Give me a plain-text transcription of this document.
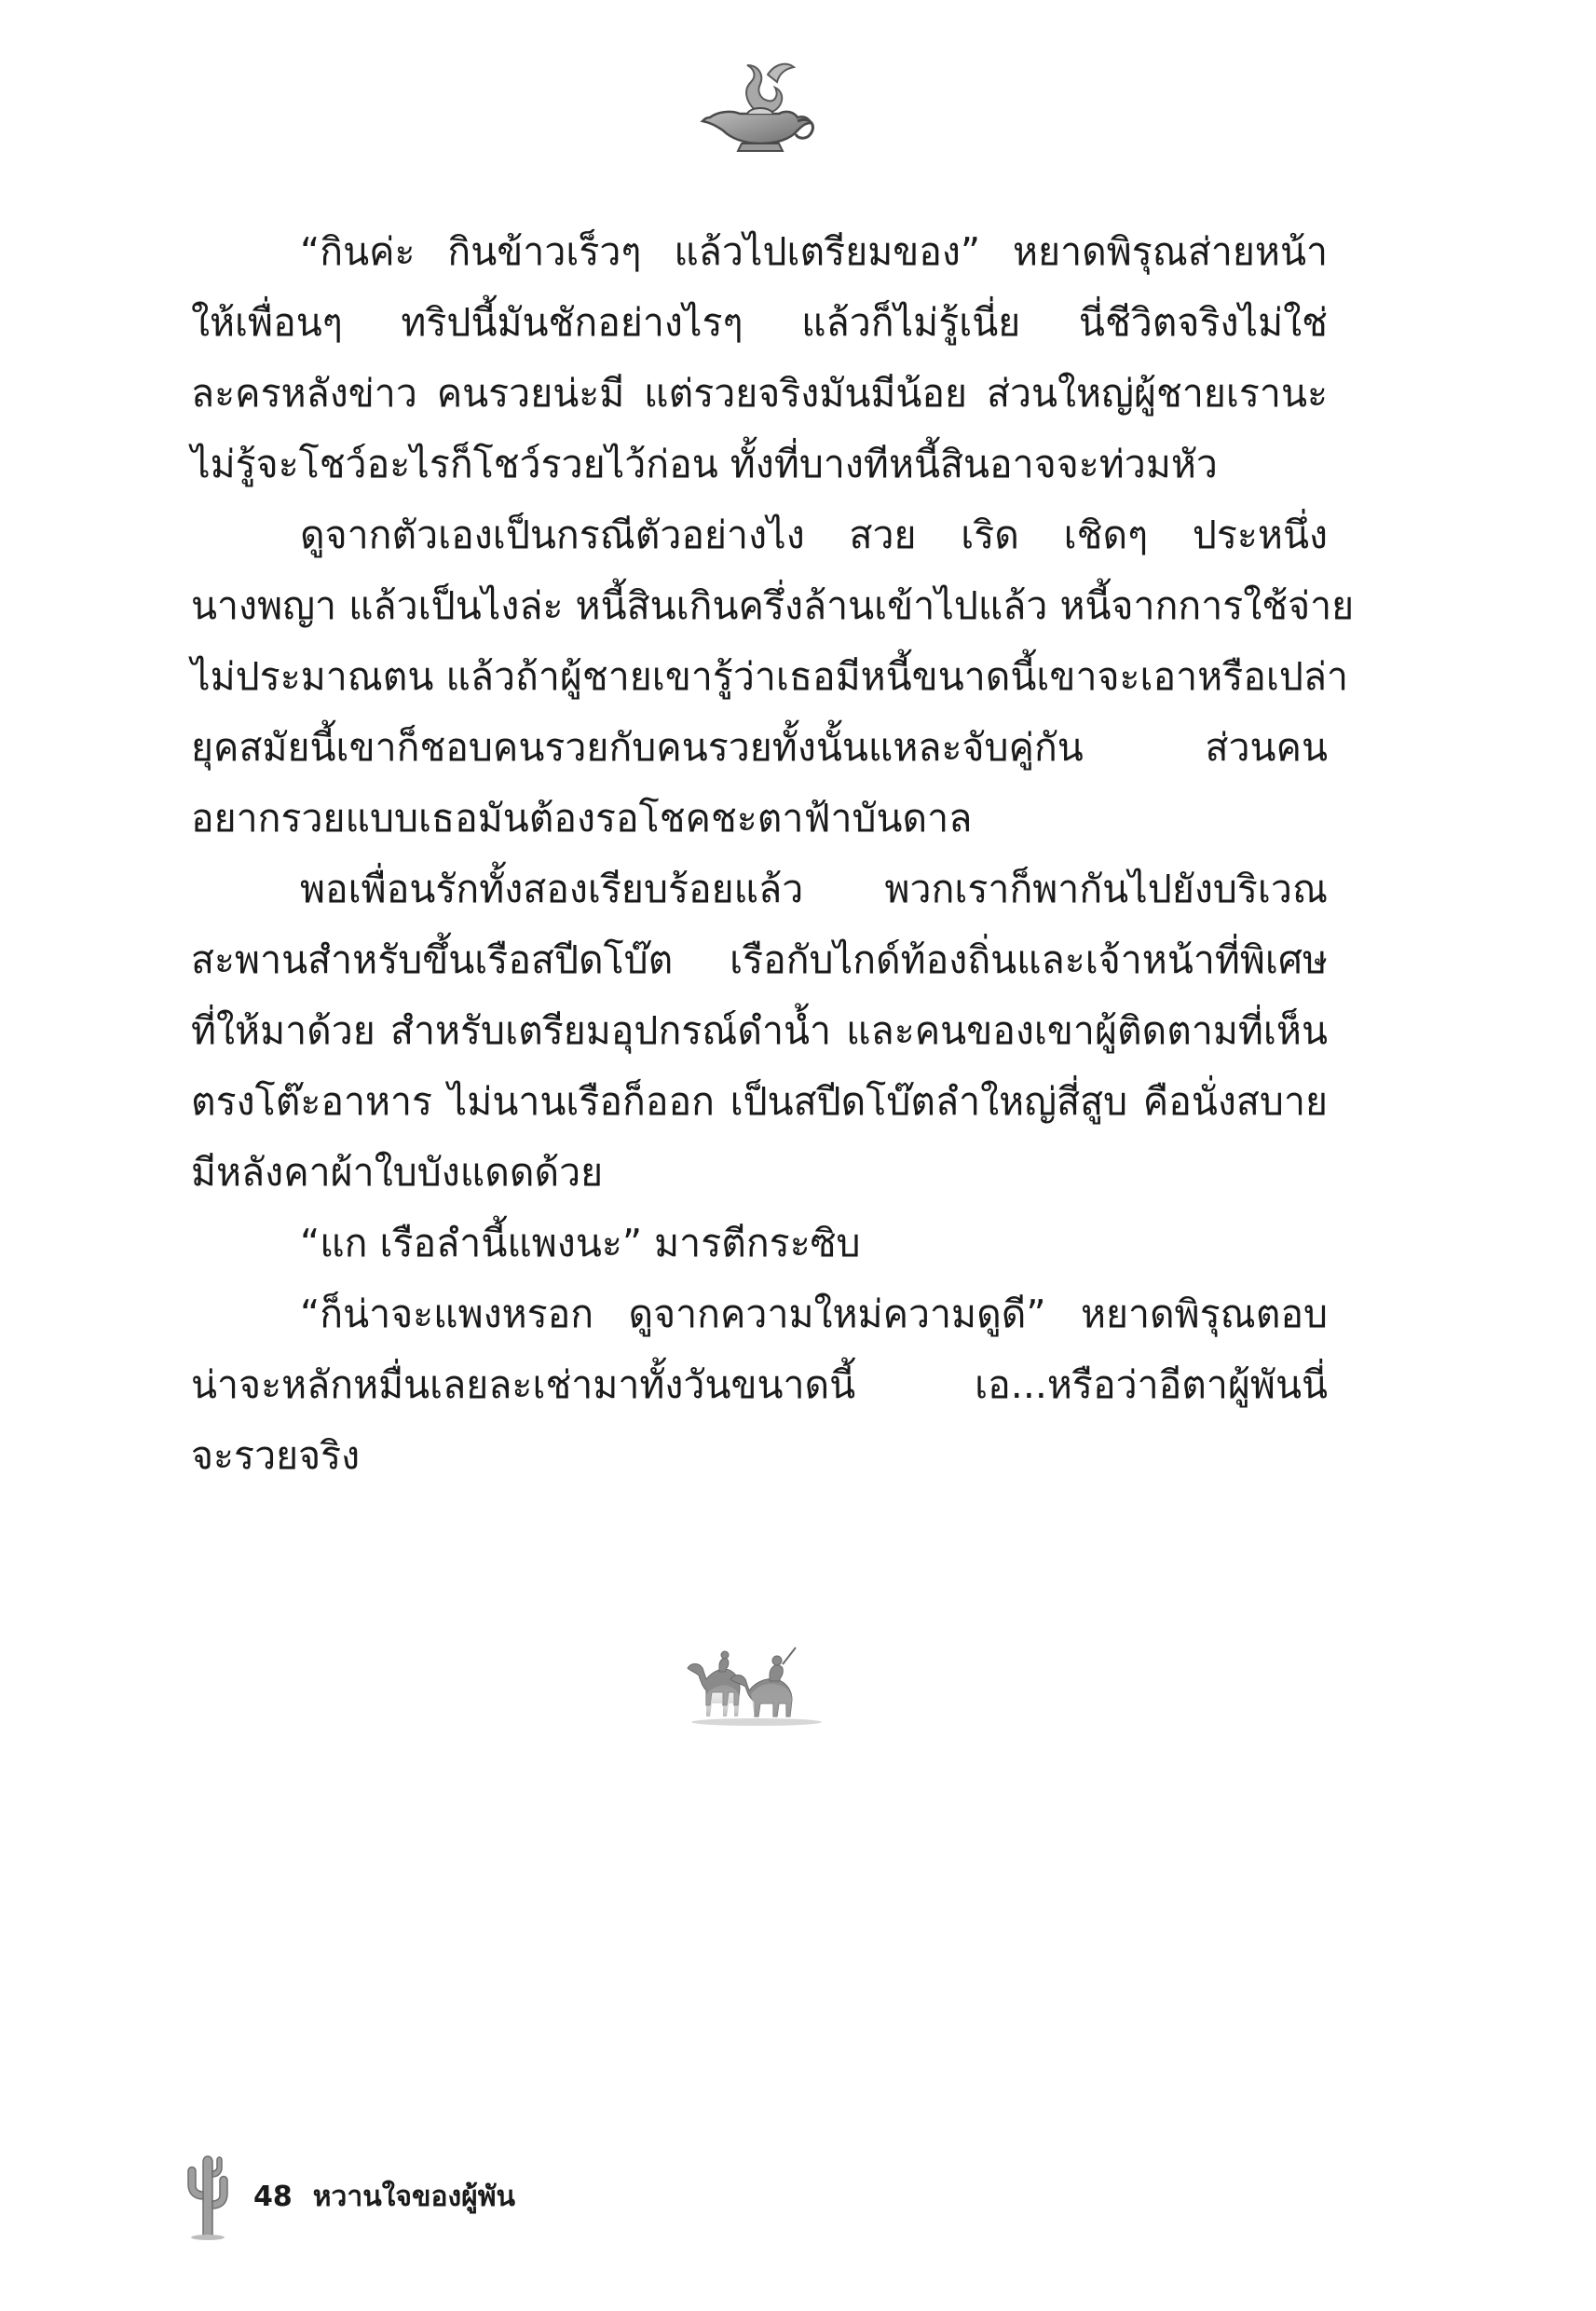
“กินค่ะ กินข้าวเร็วๆ แล้วไปเตรียมของ” หยาดพิรุณส่ายหน้า
ให้เพื่อนๆ ทริปนี้มันชักอย่างไรๆ แล้วก็ไม่รู้เนี่ย นี่ชีวิตจริงไม่ใช่
ละครหลังข่าว คนรวยน่ะมี แต่รวยจริงมันมีน้อย ส่วนใหญ่ผู้ชายเรานะ
ไม่รู้จะโชว์อะไรก็โชว์รวยไว้ก่อน ทั้งที่บางทีหนี้สินอาจจะท่วมหัว
ดูจากตัวเองเป็นกรณีตัวอย่างไง สวย เริด เชิดๆ ประหนึ่ง
นางพญา แล้วเป็นไงล่ะ หนี้สินเกินครึ่งล้านเข้าไปแล้ว หนี้จากการใช้จ่าย
ไม่ประมาณตน แล้วถ้าผู้ชายเขารู้ว่าเธอมีหนี้ขนาดนี้เขาจะเอาหรือเปล่า
ยุคสมัยนี้เขาก็ชอบคนรวยกับคนรวยทั้งนั้นแหละจับคู่กัน ส่วนคน
อยากรวยแบบเธอมันต้องรอโชคชะตาฟ้าบันดาล
พอเพื่อนรักทั้งสองเรียบร้อยแล้ว พวกเราก็พากันไปยังบริเวณ
สะพานสำหรับขึ้นเรือสปีดโบ๊ต เรือกับไกด์ท้องถิ่นและเจ้าหน้าที่พิเศษ
ที่ให้มาด้วย สำหรับเตรียมอุปกรณ์ดำน้ำ และคนของเขาผู้ติดตามที่เห็น
ตรงโต๊ะอาหาร ไม่นานเรือก็ออก เป็นสปีดโบ๊ตลำใหญ่สี่สูบ คือนั่งสบาย
มีหลังคาผ้าใบบังแดดด้วย
“แก เรือลำนี้แพงนะ” มารตีกระซิบ
“ก็น่าจะแพงหรอก ดูจากความใหม่ความดูดี” หยาดพิรุณตอบ
น่าจะหลักหมื่นเลยละเช่ามาทั้งวันขนาดนี้ เอ...หรือว่าอีตาผู้พันนี่
จะรวยจริง
48 หวานใจของผู้พัน
